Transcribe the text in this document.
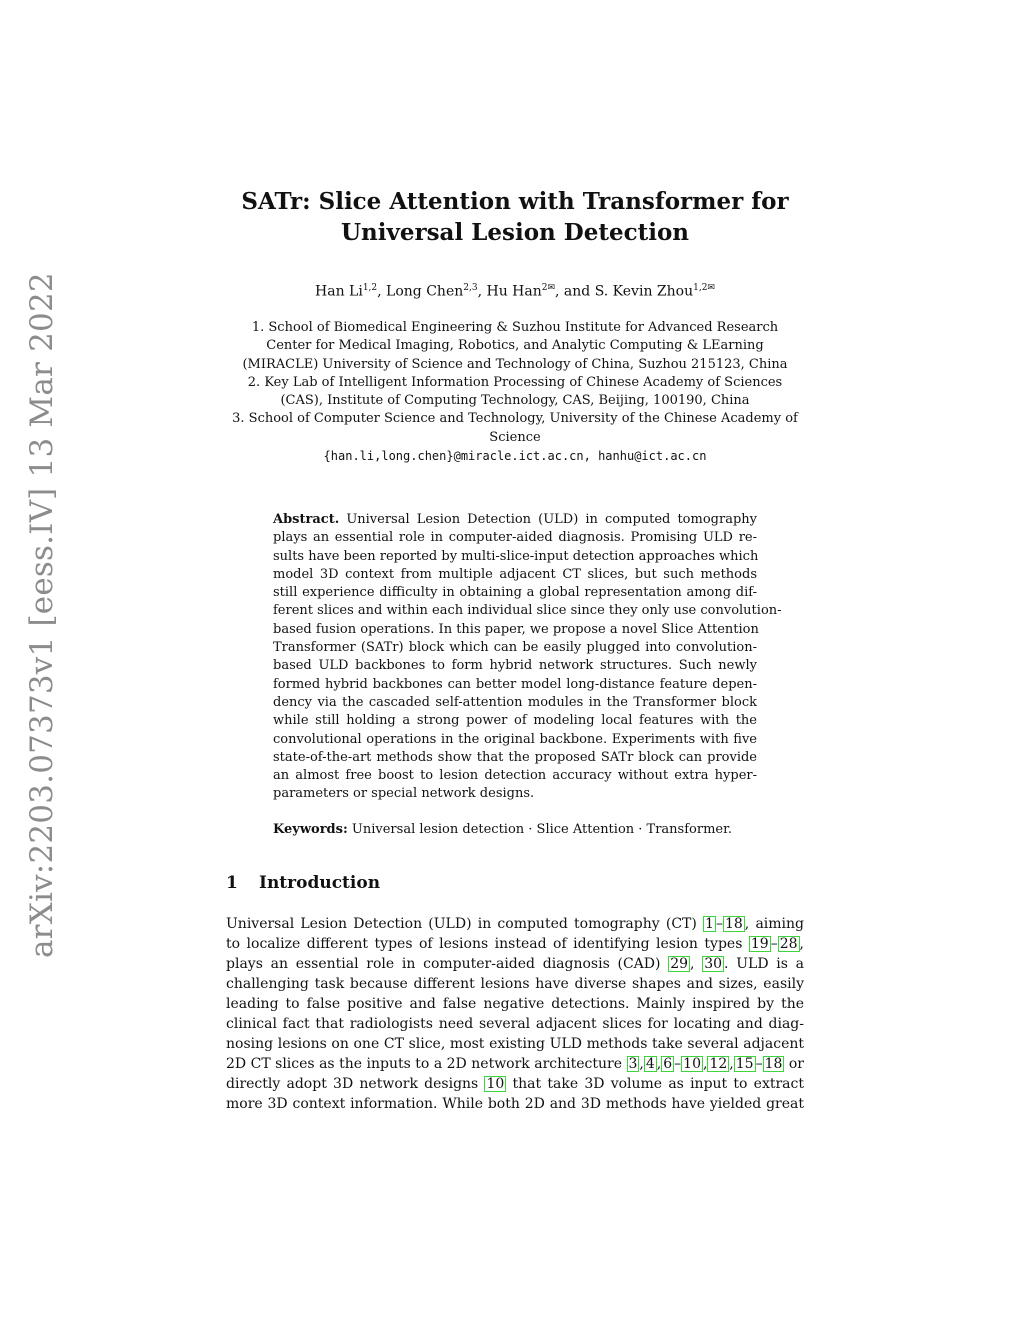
arXiv:2203.07373v1 [eess.IV] 13 Mar 2022
SATr: Slice Attention with Transformer for
Universal Lesion Detection
Han Li$^{1,2}$, Long Chen$^{2,3}$, Hu Han$^{2✉}$, and S. Kevin Zhou$^{1,2✉}$
1. School of Biomedical Engineering & Suzhou Institute for Advanced Research
Center for Medical Imaging, Robotics, and Analytic Computing & LEarning
(MIRACLE) University of Science and Technology of China, Suzhou 215123, China
2. Key Lab of Intelligent Information Processing of Chinese Academy of Sciences
(CAS), Institute of Computing Technology, CAS, Beijing, 100190, China
3. School of Computer Science and Technology, University of the Chinese Academy of
Science
{han.li,long.chen}@miracle.ict.ac.cn, hanhu@ict.ac.cn
Abstract. Universal Lesion Detection (ULD) in computed tomography
plays an essential role in computer-aided diagnosis. Promising ULD re-
sults have been reported by multi-slice-input detection approaches which
model 3D context from multiple adjacent CT slices, but such methods
still experience difficulty in obtaining a global representation among dif-
ferent slices and within each individual slice since they only use convolution-
based fusion operations. In this paper, we propose a novel Slice Attention
Transformer (SATr) block which can be easily plugged into convolution-
based ULD backbones to form hybrid network structures. Such newly
formed hybrid backbones can better model long-distance feature depen-
dency via the cascaded self-attention modules in the Transformer block
while still holding a strong power of modeling local features with the
convolutional operations in the original backbone. Experiments with five
state-of-the-art methods show that the proposed SATr block can provide
an almost free boost to lesion detection accuracy without extra hyper-
parameters or special network designs.
Keywords: Universal lesion detection · Slice Attention · Transformer.
1 Introduction
Universal Lesion Detection (ULD) in computed tomography (CT) 1 – 18 , aiming
to localize different types of lesions instead of identifying lesion types 19 – 28 ,
plays an essential role in computer-aided diagnosis (CAD) 29 , 30 . ULD is a
challenging task because different lesions have diverse shapes and sizes, easily
leading to false positive and false negative detections. Mainly inspired by the
clinical fact that radiologists need several adjacent slices for locating and diag-
nosing lesions on one CT slice, most existing ULD methods take several adjacent
2D CT slices as the inputs to a 2D network architecture 3 , 4 , 6 – 10 , 12 , 15 – 18 or
directly adopt 3D network designs 10 that take 3D volume as input to extract
more 3D context information. While both 2D and 3D methods have yielded great
